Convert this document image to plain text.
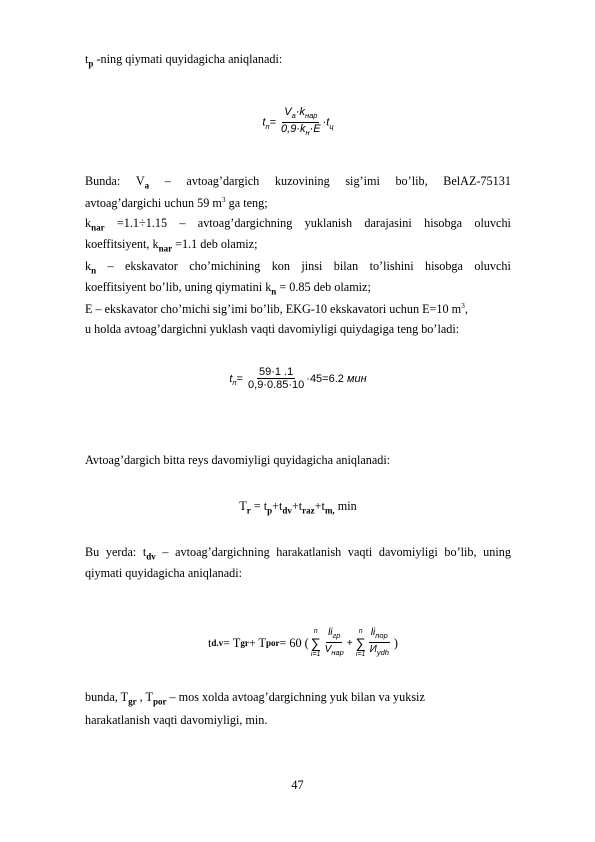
$t_p$ -ning qiymati quyidagicha aniqlanadi:
$t_п= \frac{V_a\cdot k_{нар}}{0,9\cdot k_н\cdot E} \cdot t_ц$
Bunda: $V_a$ – avtoag’dargich kuzovining sig’imi bo’lib, BelAZ-75131
avtoag’dargichi uchun 59 $m^3$ ga teng;
$k_{nar} =1.1\div 1.15$ – avtoag’dargichning yuklanish darajasini hisobga oluvchi
koeffitsiyent, $k_{nar} =1.1$ deb olamiz;
$k_n$ – ekskavator cho’michining kon jinsi bilan to’lishini hisobga oluvchi
koeffitsiyent bo’lib, uning qiymatini $k_n = 0.85$ deb olamiz;
E – ekskavator cho’michi sig’imi bo’lib, EKG-10 ekskavatori uchun E=10 $m^3$,
u holda avtoag’dargichni yuklash vaqti davomiyligi quiydagiga teng bo’ladi:
$t_п= \frac{59\cdot 1 .1}{0,9\cdot 0.85\cdot 10} \cdot 45=6.2$ мин
Avtoag’dargich bitta reys davomiyligi quyidagicha aniqlanadi:
$T_r = t_p+t_{dv}+t_{raz}+t_{m,}$ min
Bu yerda: $t_{dv}$ – avtoag’dargichning harakatlanish vaqti davomiyligi bo’lib, uning
qiymati quyidagicha aniqlanadi:
t d.v = T gr + T por = 60 (
n
∑
$i=1 \frac{li_{гр}}{V_{нар}}$ +
n
∑
$i=1 \frac{li_{пор}}{И_{ydh}}$ )
bunda, $T_{gr}$ , $T_{por}$ – mos xolda avtoag’dargichning yuk bilan va yuksiz
harakatlanish vaqti davomiyligi, min.
47
